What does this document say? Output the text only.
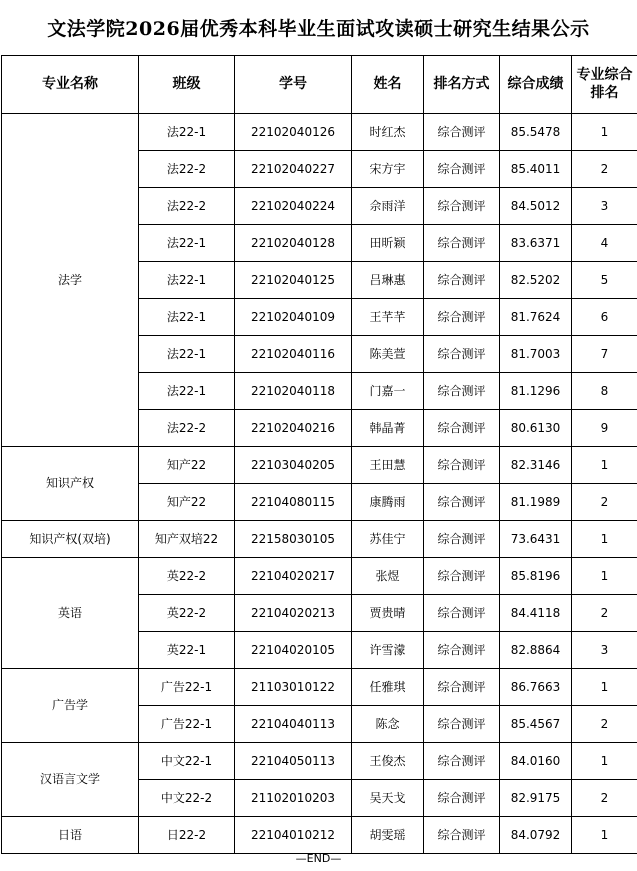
文法学院2026届优秀本科毕业生面试攻读硕士研究生结果公示
专业名称	班级	学号	姓名	排名方式	综合成绩	专业综合排名
法学	法22-1	22102040126	时红杰	综合测评	85.5478	1
	法22-2	22102040227	宋方宇	综合测评	85.4011	2
	法22-2	22102040224	佘雨洋	综合测评	84.5012	3
	法22-1	22102040128	田昕颖	综合测评	83.6371	4
	法22-1	22102040125	吕琳惠	综合测评	82.5202	5
	法22-1	22102040109	王芊芊	综合测评	81.7624	6
	法22-1	22102040116	陈美萱	综合测评	81.7003	7
	法22-1	22102040118	门嘉一	综合测评	81.1296	8
	法22-2	22102040216	韩晶菁	综合测评	80.6130	9
知识产权	知产22	22103040205	王田慧	综合测评	82.3146	1
	知产22	22104080115	康腾雨	综合测评	81.1989	2
知识产权(双培)	知产双培22	22158030105	苏佳宁	综合测评	73.6431	1
英语	英22-2	22104020217	张煜	综合测评	85.8196	1
	英22-2	22104020213	贾贵晴	综合测评	84.4118	2
	英22-1	22104020105	许雪濛	综合测评	82.8864	3
广告学	广告22-1	21103010122	任雅琪	综合测评	86.7663	1
	广告22-1	22104040113	陈念	综合测评	85.4567	2
汉语言文学	中文22-1	22104050113	王俊杰	综合测评	84.0160	1
	中文22-2	21102010203	吴天戈	综合测评	82.9175	2
日语	日22-2	22104010212	胡雯瑶	综合测评	84.0792	1
—END—
